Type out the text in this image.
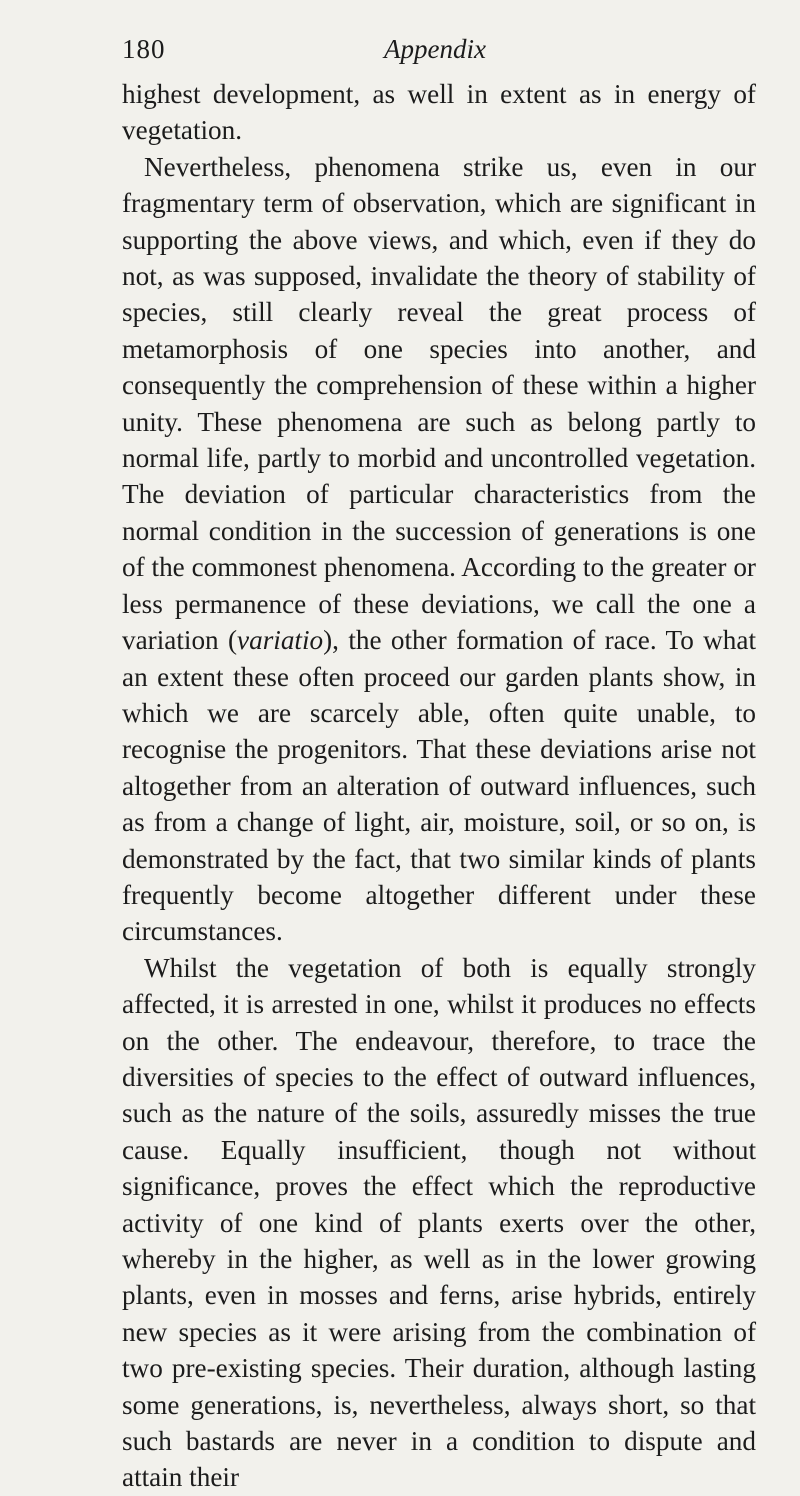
180	Appendix

highest development, as well in extent as in energy of vegetation.

Nevertheless, phenomena strike us, even in our fragmentary term of observation, which are significant in supporting the above views, and which, even if they do not, as was supposed, invalidate the theory of stability of species, still clearly reveal the great process of metamorphosis of one species into another, and consequently the comprehension of these within a higher unity. These phenomena are such as belong partly to normal life, partly to morbid and uncontrolled vegetation. The deviation of particular characteristics from the normal condition in the succession of generations is one of the commonest phenomena. According to the greater or less permanence of these deviations, we call the one a variation (variatio), the other formation of race. To what an extent these often proceed our garden plants show, in which we are scarcely able, often quite unable, to recognise the progenitors. That these deviations arise not altogether from an alteration of outward influences, such as from a change of light, air, moisture, soil, or so on, is demonstrated by the fact, that two similar kinds of plants frequently become altogether different under these circumstances.

Whilst the vegetation of both is equally strongly affected, it is arrested in one, whilst it produces no effects on the other. The endeavour, therefore, to trace the diversities of species to the effect of outward influences, such as the nature of the soils, assuredly misses the true cause. Equally insufficient, though not without significance, proves the effect which the reproductive activity of one kind of plants exerts over the other, whereby in the higher, as well as in the lower growing plants, even in mosses and ferns, arise hybrids, entirely new species as it were arising from the combination of two pre-existing species. Their duration, although lasting some generations, is, nevertheless, always short, so that such bastards are never in a condition to dispute and attain their
